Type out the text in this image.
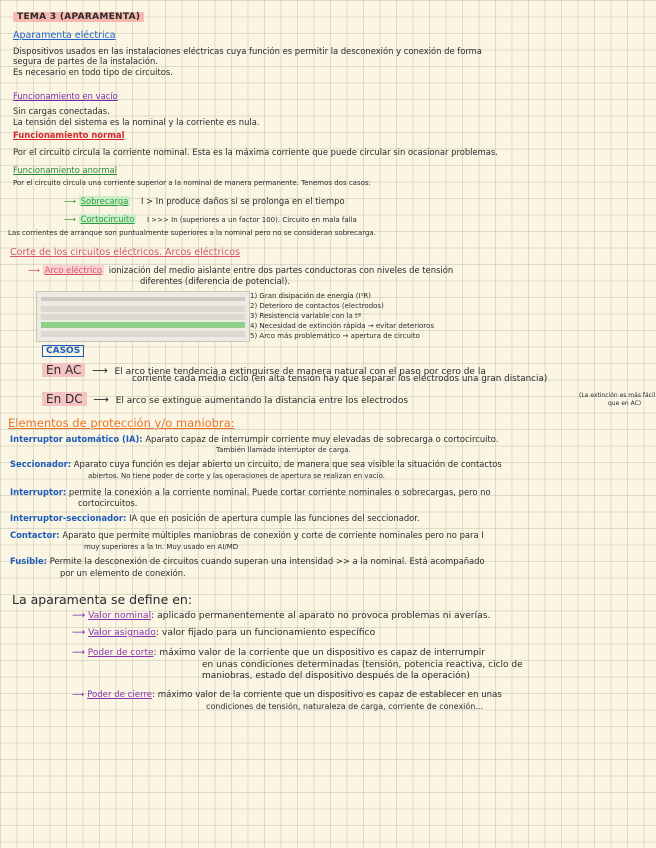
TEMA 3 (APARAMENTA)
Aparamenta eléctrica
Dispositivos usados en las instalaciones eléctricas cuya función es permitir la desconexión y conexión de forma
segura de partes de la instalación.
Es necesario en todo tipo de circuitos.
Funcionamiento en vacío
Sin cargas conectadas.
La tensión del sistema es la nominal y la corriente es nula.
Funcionamiento normal
Por el circuito circula la corriente nominal. Esta es la máxima corriente que puede circular sin ocasionar problemas.
Funcionamiento anormal
Por el circuito circula una corriente superior a la nominal de manera permanente. Tenemos dos casos:
⟶ Sobrecarga I > In produce daños si se prolonga en el tiempo
⟶ Cortocircuito I >>> In (superiores a un factor 100). Circuito en mala falla
Las corrientes de arranque son puntualmente superiores a la nominal pero no se consideran sobrecarga.
Corte de los circuitos eléctricos. Arcos eléctricos
⟶ Arco eléctrico ionización del medio aislante entre dos partes conductoras con niveles de tensión
diferentes (diferencia de potencial).
1) Gran disipación de energía (I²R)
2) Deterioro de contactos (electrodos)
3) Resistencia variable con la tª
4) Necesidad de extinción rápida → evitar deterioros
5) Arco más problemático → apertura de circuito
CASOS
En AC ⟶ El arco tiene tendencia a extinguirse de manera natural con el paso por cero de la
corriente cada medio ciclo (en alta tensión hay que separar los electrodos una gran distancia)
En DC ⟶ El arco se extingue aumentando la distancia entre los electrodos
(La extinción es más fácil
que en AC)
Elementos de protección y/o maniobra:
Interruptor automático (IA): Aparato capaz de interrumpir corriente muy elevadas de sobrecarga o cortocircuito.
También llamado interruptor de carga.
Seccionador: Aparato cuya función es dejar abierto un circuito, de manera que sea visible la situación de contactos
abiertos. No tiene poder de corte y las operaciones de apertura se realizan en vacío.
Interruptor: permite la conexión a la corriente nominal. Puede cortar corriente nominales o sobrecargas, pero no
cortocircuitos.
Interruptor-seccionador: IA que en posición de apertura cumple las funciones del seccionador.
Contactor: Aparato que permite múltiples maniobras de conexión y corte de corriente nominales pero no para I
muy superiores a la In. Muy usado en AI/MD
Fusible: Permite la desconexión de circuitos cuando superan una intensidad >> a la nominal. Está acompañado
por un elemento de conexión.
La aparamenta se define en:
⟶ Valor nominal: aplicado permanentemente al aparato no provoca problemas ni averías.
⟶ Valor asignado: valor fijado para un funcionamiento específico
⟶ Poder de corte: máximo valor de la corriente que un dispositivo es capaz de interrumpir
en unas condiciones determinadas (tensión, potencia reactiva, ciclo de
maniobras, estado del dispositivo después de la operación)
⟶ Poder de cierre: máximo valor de la corriente que un dispositivo es capaz de establecer en unas
condiciones de tensión, naturaleza de carga, corriente de conexión...
